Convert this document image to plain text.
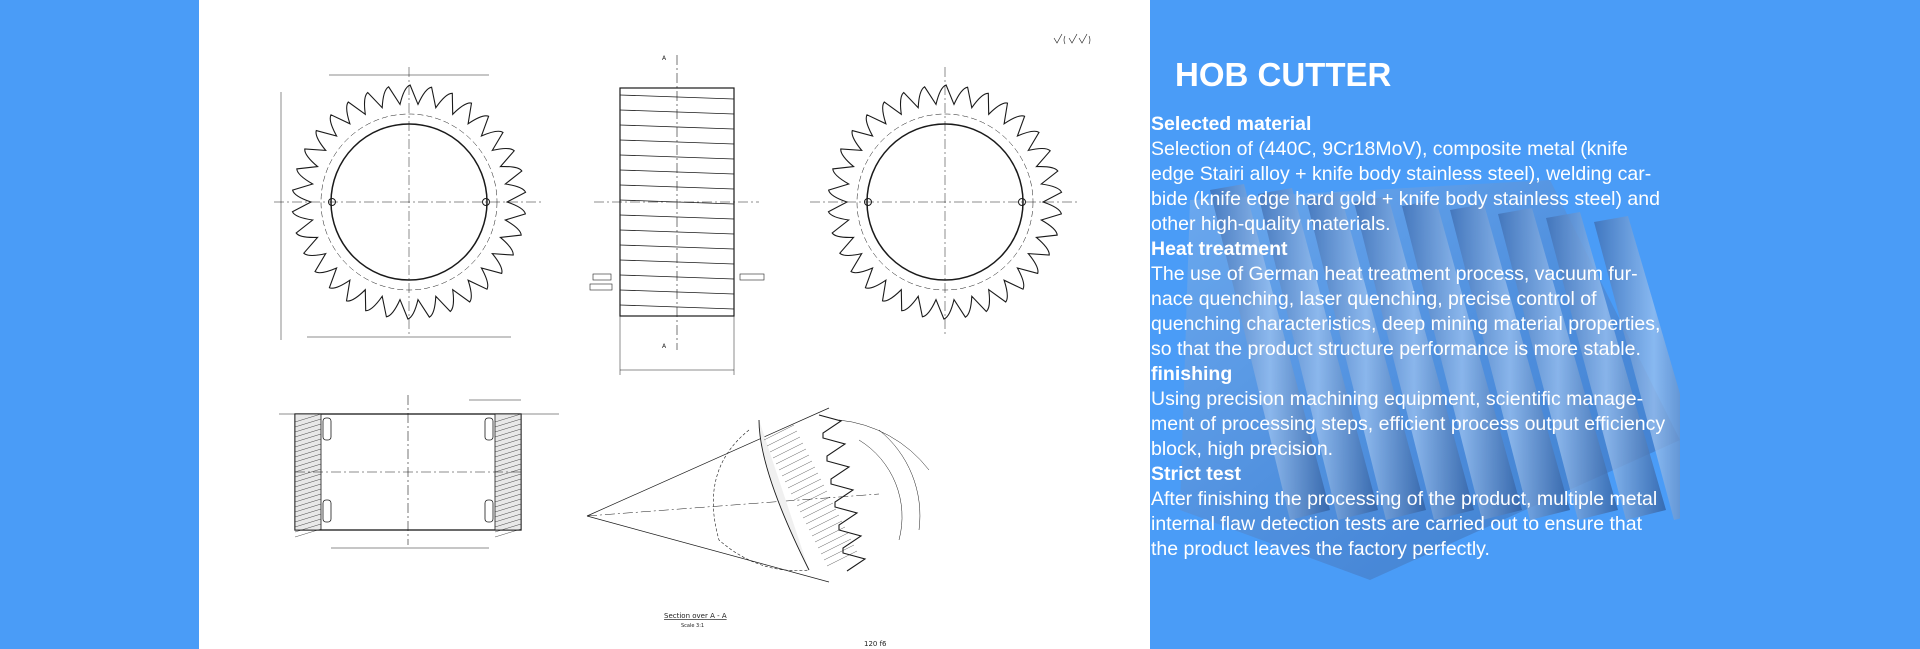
A
A
Section over A - A
Scale 3:1
120 f6
HOB CUTTER
Selected material
Selection of (440C, 9Cr18MoV), composite metal (knife edge Stairi alloy + knife body stainless steel), welding car-bide (knife edge hard gold + knife body stainless steel) and other high-quality materials.
Heat treatment
The use of German heat treatment process, vacuum fur-nace quenching, laser quenching, precise control of quenching characteristics, deep mining material properties, so that the product structure performance is more stable.
finishing
Using precision machining equipment, scientific manage-ment of processing steps, efficient process output efficiency block, high precision.
Strict test
After finishing the processing of the product, multiple metal internal flaw detection tests are carried out to ensure that the product leaves the factory perfectly.
